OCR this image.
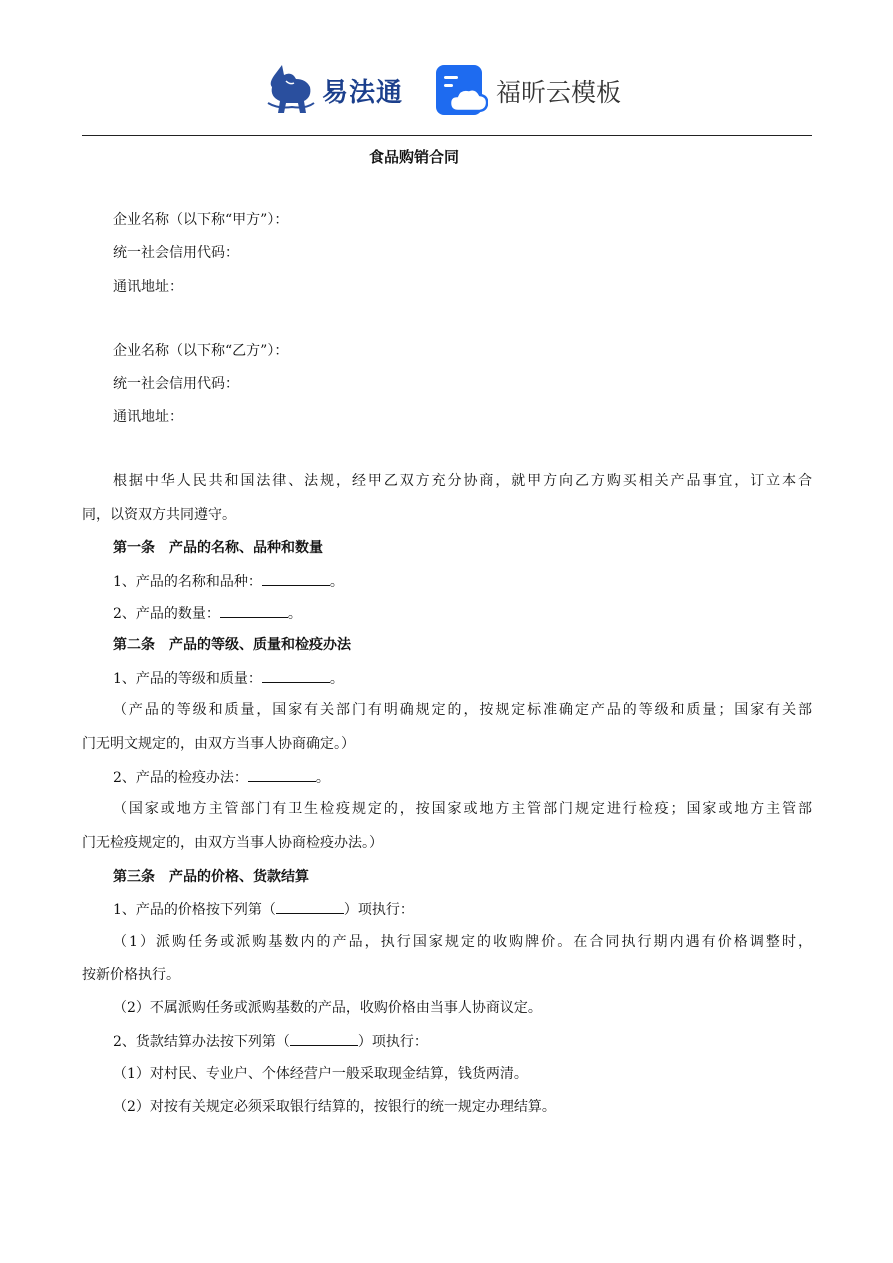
易法通	福昕云模板
食品购销合同
企业名称（以下称“甲方”）：
统一社会信用代码：
通讯地址：
企业名称（以下称“乙方”）：
统一社会信用代码：
通讯地址：
根据中华人民共和国法律、法规，经甲乙双方充分协商，就甲方向乙方购买相关产品事宜，订立本合
同，以资双方共同遵守。
第一条　产品的名称、品种和数量
1、产品的名称和品种：	。
2、产品的数量：	。
第二条　产品的等级、质量和检疫办法
1、产品的等级和质量：	。
（产品的等级和质量，国家有关部门有明确规定的，按规定标准确定产品的等级和质量；国家有关部
门无明文规定的，由双方当事人协商确定。）
2、产品的检疫办法：	。
（国家或地方主管部门有卫生检疫规定的，按国家或地方主管部门规定进行检疫；国家或地方主管部
门无检疫规定的，由双方当事人协商检疫办法。）
第三条　产品的价格、货款结算
1、产品的价格按下列第（	）项执行：
（1）派购任务或派购基数内的产品，执行国家规定的收购牌价。在合同执行期内遇有价格调整时，
按新价格执行。
（2）不属派购任务或派购基数的产品，收购价格由当事人协商议定。
2、货款结算办法按下列第（	）项执行：
（1）对村民、专业户、个体经营户一般采取现金结算，钱货两清。
（2）对按有关规定必须采取银行结算的，按银行的统一规定办理结算。
